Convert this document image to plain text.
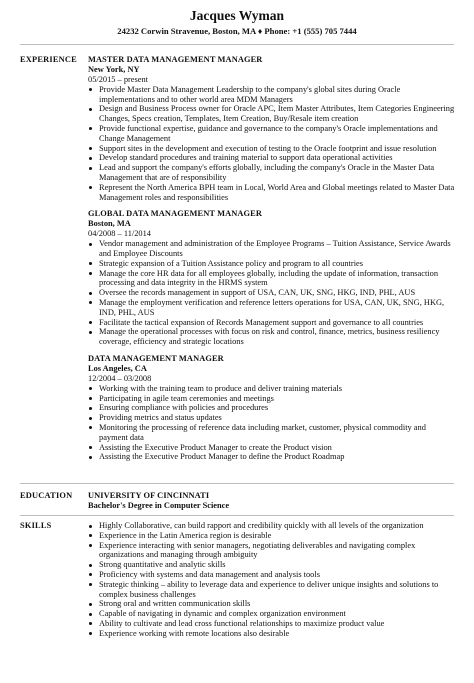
Jacques Wyman
24232 Corwin Stravenue, Boston, MA ♦ Phone: +1 (555) 705 7444
EXPERIENCE MASTER DATA MANAGEMENT MANAGER
New York, NY
05/2015 – present
Provide Master Data Management Leadership to the company's global sites during Oracle implementations and to other world area MDM Managers
Design and Business Process owner for Oracle APC, Item Master Attributes, Item Categories Engineering Changes, Specs creation, Templates, Item Creation, Buy/Resale item creation
Provide functional expertise, guidance and governance to the company's Oracle implementations and Change Management
Support sites in the development and execution of testing to the Oracle footprint and issue resolution
Develop standard procedures and training material to support data operational activities
Lead and support the company's efforts globally, including the company's Oracle in the Master Data Management that are of responsibility
Represent the North America BPH team in Local, World Area and Global meetings related to Master Data Management roles and responsibilities
GLOBAL DATA MANAGEMENT MANAGER
Boston, MA
04/2008 – 11/2014
Vendor management and administration of the Employee Programs – Tuition Assistance, Service Awards and Employee Discounts
Strategic expansion of a Tuition Assistance policy and program to all countries
Manage the core HR data for all employees globally, including the update of information, transaction processing and data integrity in the HRMS system
Oversee the records management in support of USA, CAN, UK, SNG, HKG, IND, PHL, AUS
Manage the employment verification and reference letters operations for USA, CAN, UK, SNG, HKG, IND, PHL, AUS
Facilitate the tactical expansion of Records Management support and governance to all countries
Manage the operational processes with focus on risk and control, finance, metrics, business resiliency coverage, efficiency and strategic locations
DATA MANAGEMENT MANAGER
Los Angeles, CA
12/2004 – 03/2008
Working with the training team to produce and deliver training materials
Participating in agile team ceremonies and meetings
Ensuring compliance with policies and procedures
Providing metrics and status updates
Monitoring the processing of reference data including market, customer, physical commodity and payment data
Assisting the Executive Product Manager to create the Product vision
Assisting the Executive Product Manager to define the Product Roadmap
EDUCATION UNIVERSITY OF CINCINNATI
Bachelor's Degree in Computer Science
SKILLS	Highly Collaborative, can build rapport and credibility quickly with all levels of the organization
Experience in the Latin America region is desirable
Experience interacting with senior managers, negotiating deliverables and navigating complex organizations and managing through ambiguity
Strong quantitative and analytic skills
Proficiency with systems and data management and analysis tools
Strategic thinking – ability to leverage data and experience to deliver unique insights and solutions to complex business challenges
Strong oral and written communication skills
Capable of navigating in dynamic and complex organization environment
Ability to cultivate and lead cross functional relationships to maximize product value
Experience working with remote locations also desirable
